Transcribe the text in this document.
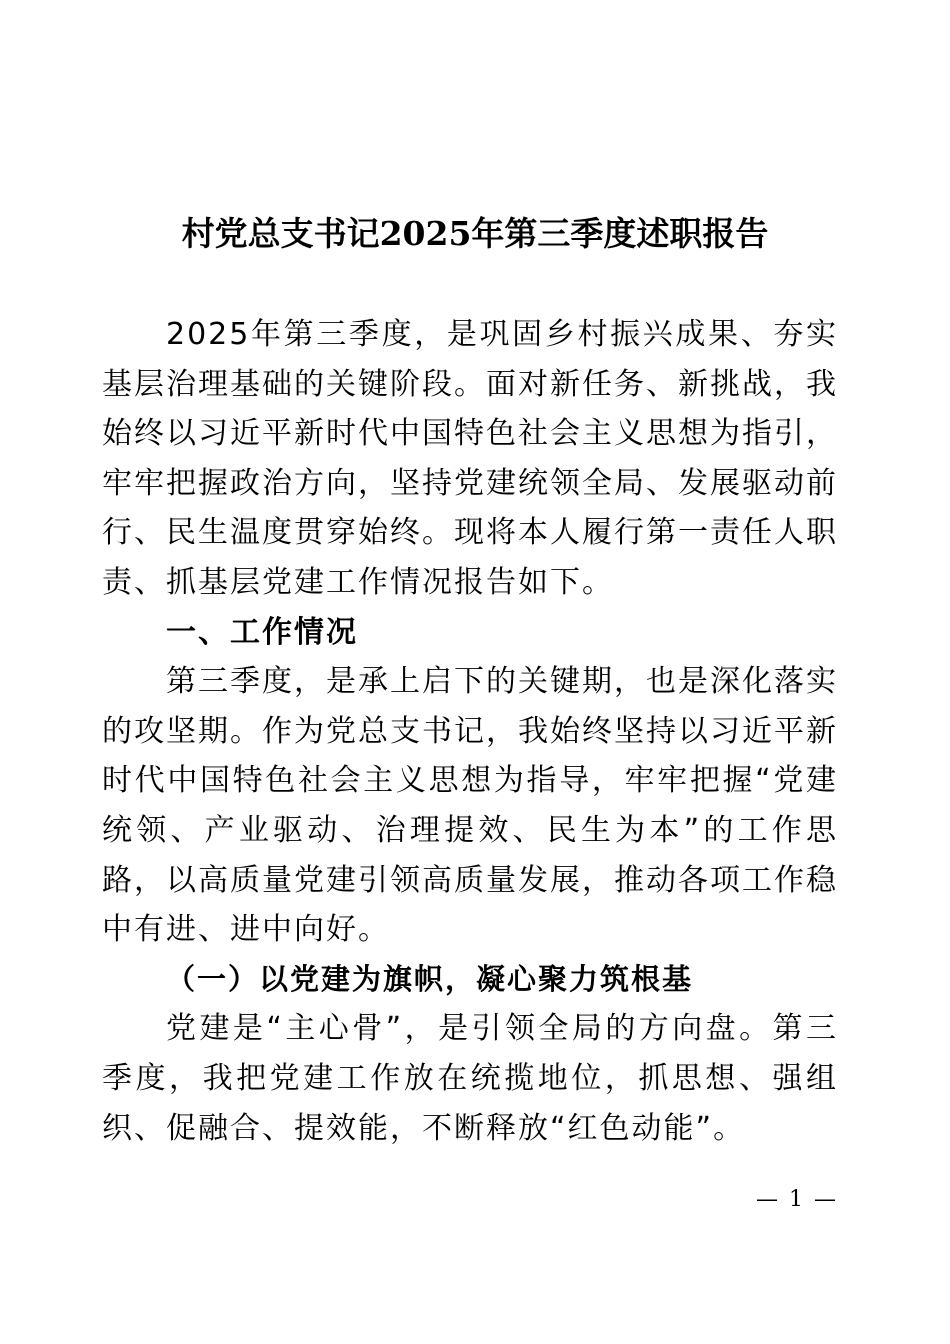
村党总支书记2025年第三季度述职报告

2025年第三季度，是巩固乡村振兴成果、夯实基层治理基础的关键阶段。面对新任务、新挑战，我始终以习近平新时代中国特色社会主义思想为指引，牢牢把握政治方向，坚持党建统领全局、发展驱动前行、民生温度贯穿始终。现将本人履行第一责任人职责、抓基层党建工作情况报告如下。

一、工作情况

第三季度，是承上启下的关键期，也是深化落实的攻坚期。作为党总支书记，我始终坚持以习近平新时代中国特色社会主义思想为指导，牢牢把握“党建统领、产业驱动、治理提效、民生为本”的工作思路，以高质量党建引领高质量发展，推动各项工作稳中有进、进中向好。

（一）以党建为旗帜，凝心聚力筑根基

党建是“主心骨”，是引领全局的方向盘。第三季度，我把党建工作放在统揽地位，抓思想、强组织、促融合、提效能，不断释放“红色动能”。

— 1 —
